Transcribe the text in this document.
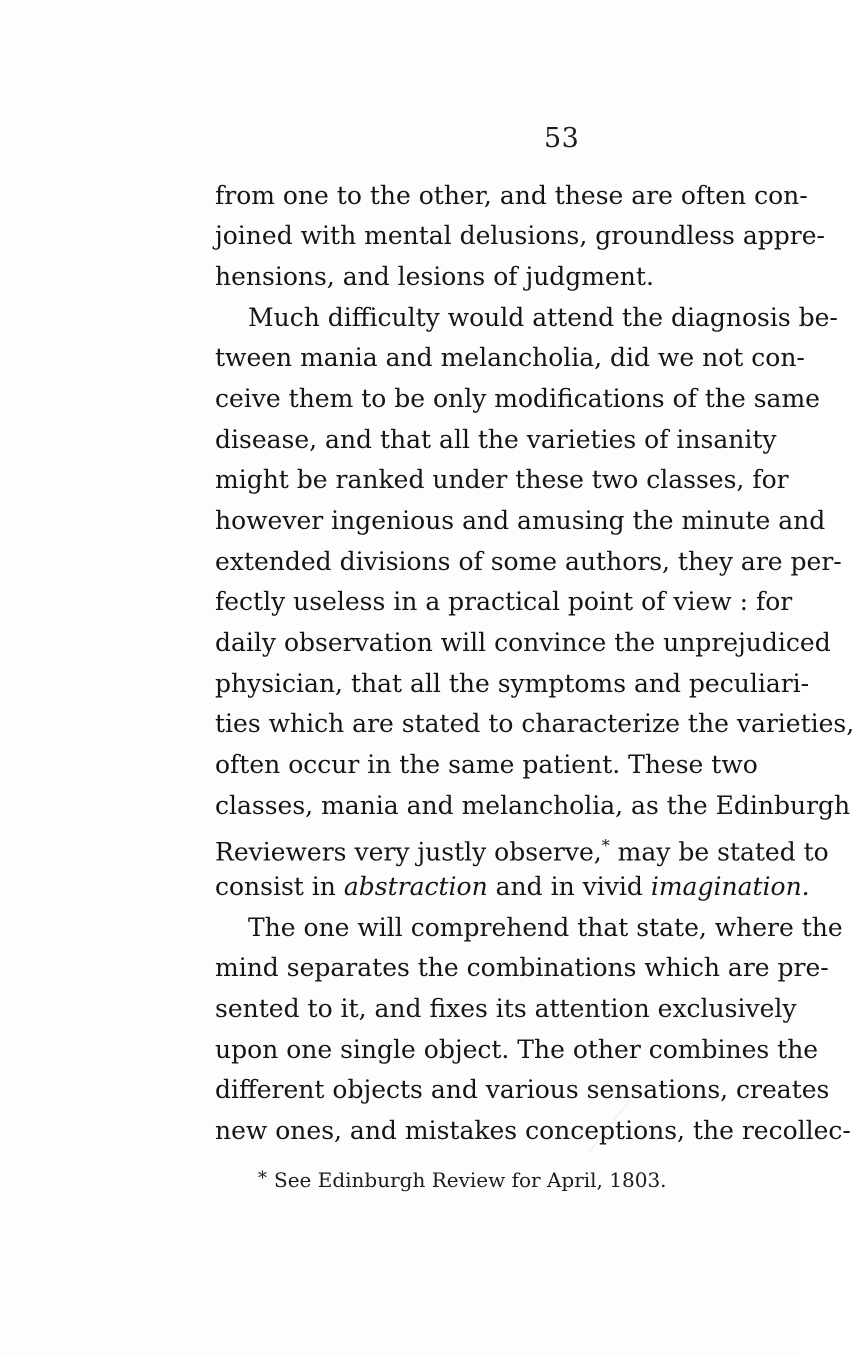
53
from one to the other, and these are often con-
joined with mental delusions, groundless appre-
hensions, and lesions of judgment.
Much difficulty would attend the diagnosis be-
tween mania and melancholia, did we not con-
ceive them to be only modifications of the same
disease, and that all the varieties of insanity
might be ranked under these two classes, for
however ingenious and amusing the minute and
extended divisions of some authors, they are per-
fectly useless in a practical point of view : for
daily observation will convince the unprejudiced
physician, that all the symptoms and peculiari-
ties which are stated to characterize the varieties,
often occur in the same patient. These two
classes, mania and melancholia, as the Edinburgh
Reviewers very justly observe,* may be stated to
consist in abstraction and in vivid imagination.
The one will comprehend that state, where the
mind separates the combinations which are pre-
sented to it, and fixes its attention exclusively
upon one single object. The other combines the
different objects and various sensations, creates
new ones, and mistakes conceptions, the recollec-
* See Edinburgh Review for April, 1803.
